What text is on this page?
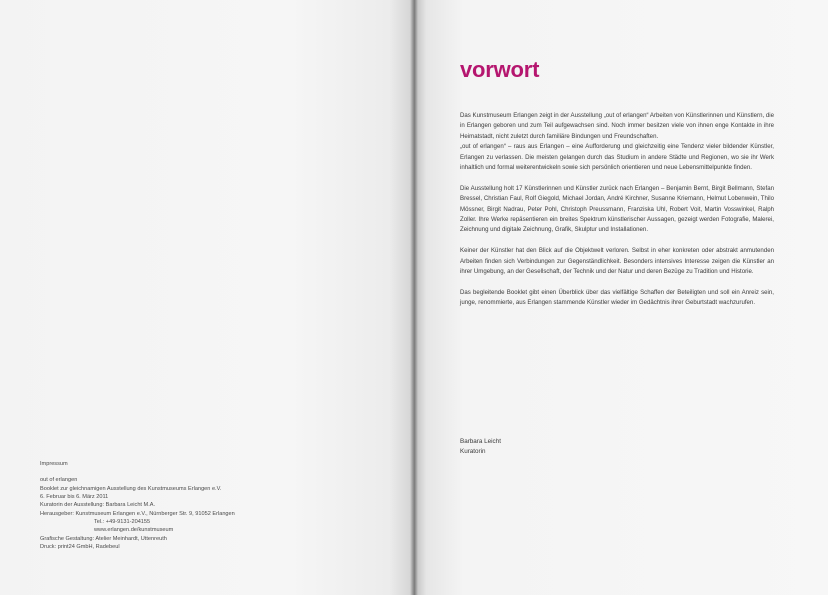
Impressum
out of erlangen
Booklet zur gleichnamigen Ausstellung des Kunstmuseums Erlangen e.V.
6. Februar bis 6. März 2011
Kuratorin der Ausstellung: Barbara Leicht M.A.
Herausgeber: Kunstmuseum Erlangen e.V., Nürnberger Str. 9, 91052 Erlangen
Tel.: +49-9131-204155
www.erlangen.de/kunstmuseum
Grafische Gestaltung: Atelier Meinhardt, Uttenreuth
Druck: print24 GmbH, Radebeul
vorwort

Das Kunstmuseum Erlangen zeigt in der Ausstellung „out of erlangen“ Arbeiten von Künstlerinnen und Künstlern, die in Erlangen geboren und zum Teil aufgewachsen sind. Noch immer besitzen viele von ihnen enge Kontakte in ihre Heimatstadt, nicht zuletzt durch familiäre Bindungen und Freundschaften.

„out of erlangen“ – raus aus Erlangen – eine Aufforderung und gleichzeitig eine Tendenz vieler bildender Künstler, Erlangen zu verlassen. Die meisten gelangen durch das Studium in andere Städte und Regionen, wo sie ihr Werk inhaltlich und formal weiterentwickeln sowie sich persönlich orientieren und neue Lebensmittelpunkte finden.

Die Ausstellung holt 17 Künstlerinnen und Künstler zurück nach Erlangen – Benjamin Bernt, Birgit Bellmann, Stefan Bressel, Christian Faul, Rolf Giegold, Michael Jordan, André Kirchner, Susanne Kriemann, Helmut Lobenwein, Thilo Mössner, Birgit Nadrau, Peter Pohl, Christoph Preussmann, Franziska Uhl, Robert Voit, Martin Vosswinkel, Ralph Zoller. Ihre Werke repäsentieren ein breites Spektrum künstlerischer Aussagen, gezeigt werden Fotografie, Malerei, Zeichnung und digitale Zeichnung, Grafik, Skulptur und Installationen.

Keiner der Künstler hat den Blick auf die Objektwelt verloren. Selbst in eher konkreten oder abstrakt anmutenden Arbeiten finden sich Verbindungen zur Gegenständlichkeit. Besonders intensives Interesse zeigen die Künstler an ihrer Umgebung, an der Gesellschaft, der Technik und der Natur und deren Bezüge zu Tradition und Historie.

Das begleitende Booklet gibt einen Überblick über das vielfältige Schaffen der Beteiligten und soll ein Anreiz sein, junge, renommierte, aus Erlangen stammende Künstler wieder im Gedächtnis ihrer Geburtstadt wachzurufen.

Barbara Leicht
Kuratorin
